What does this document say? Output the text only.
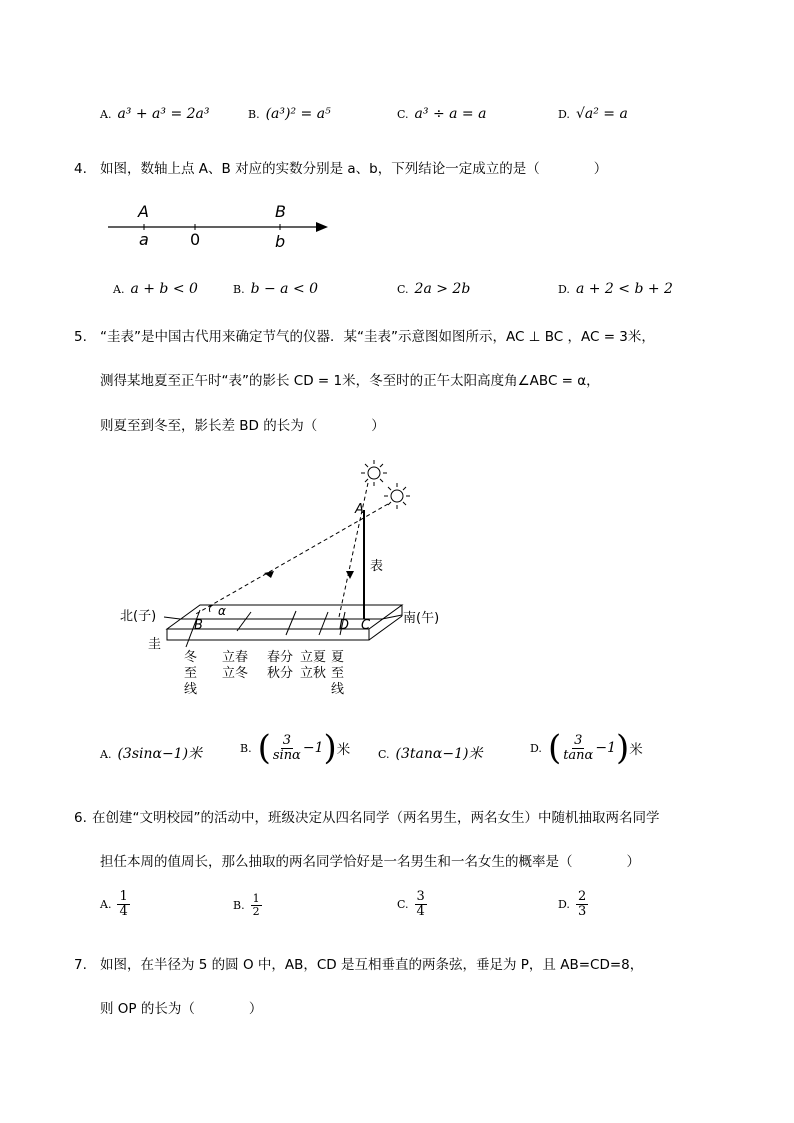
A. a³ + a³ = 2a³	B. (a³)² = a⁵	C. a³ ÷ a = a	D. √a² = a
4. 如图，数轴上点 A、B 对应的实数分别是 a、b，下列结论一定成立的是（　　　　）
A	B
a	0	b
A. a + b < 0	B. b − a < 0	C. 2a > 2b	D. a + 2 < b + 2
5. “圭表”是中国古代用来确定节气的仪器．某“圭表”示意图如图所示，AC ⊥ BC ，AC = 3米，
测得某地夏至正午时“表”的影长 CD = 1米，冬至时的正午太阳高度角∠ABC = α，
则夏至到冬至，影长差 BD 的长为（　　　　）
北(子)	南(午)
圭
表
A
B	C
D
α
冬
至
线
立春
立冬
春分
秋分
立夏
立秋
夏
至
线
A. (3sinα−1)米	B. ( $\frac{3}{\sin\alpha} -1$ ) 米	C. (3tanα−1)米	D. ( $\frac{3}{\tan\alpha} -1$ ) 米
6. 在创建“文明校园”的活动中，班级决定从四名同学（两名男生，两名女生）中随机抽取两名同学
担任本周的值周长，那么抽取的两名同学恰好是一名男生和一名女生的概率是（　　　　）
A. $\frac{1}{4}$	B. $\frac{1}{2}$	C. $\frac{3}{4}$	D. $\frac{2}{3}$
7. 如图，在半径为 5 的圆 O 中，AB，CD 是互相垂直的两条弦，垂足为 P，且 AB=CD=8，
则 OP 的长为（　　　　）
